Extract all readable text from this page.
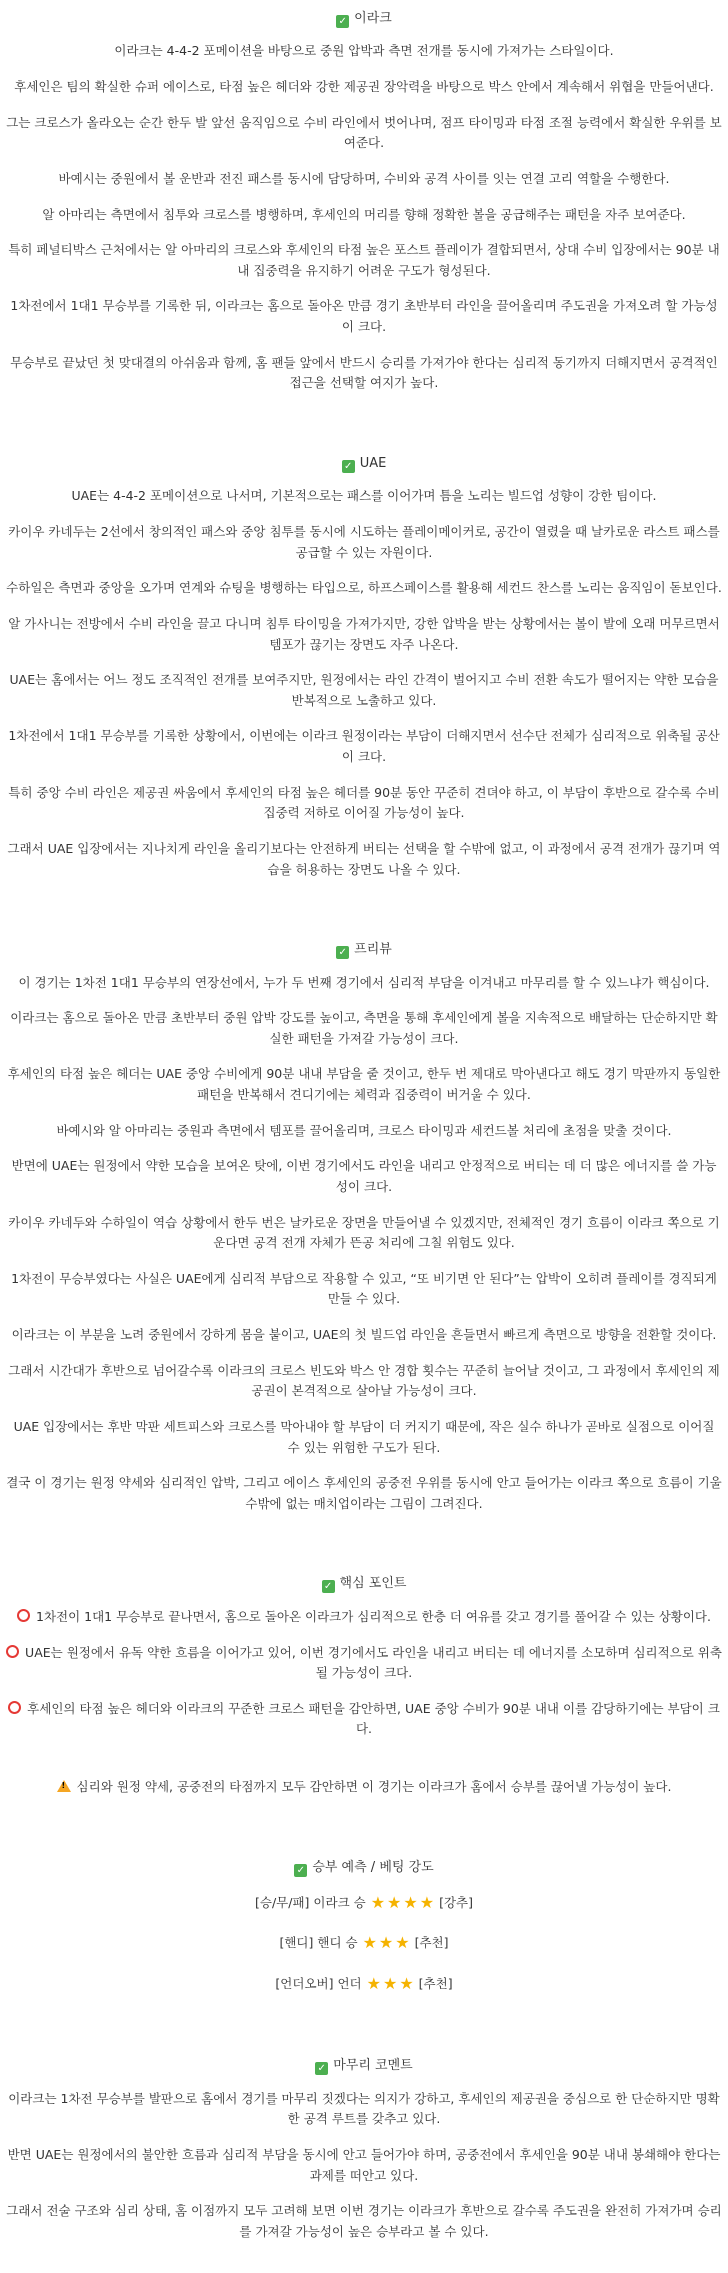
✓ 이라크

이라크는 4-4-2 포메이션을 바탕으로 중원 압박과 측면 전개를 동시에 가져가는 스타일이다.

후세인은 팀의 확실한 슈퍼 에이스로, 타점 높은 헤더와 강한 제공권 장악력을 바탕으로 박스 안에서 계속해서 위협을 만들어낸다.

그는 크로스가 올라오는 순간 한두 발 앞선 움직임으로 수비 라인에서 벗어나며, 점프 타이밍과 타점 조절 능력에서 확실한 우위를 보여준다.

바예시는 중원에서 볼 운반과 전진 패스를 동시에 담당하며, 수비와 공격 사이를 잇는 연결 고리 역할을 수행한다.

알 아마리는 측면에서 침투와 크로스를 병행하며, 후세인의 머리를 향해 정확한 볼을 공급해주는 패턴을 자주 보여준다.

특히 페널티박스 근처에서는 알 아마리의 크로스와 후세인의 타점 높은 포스트 플레이가 결합되면서, 상대 수비 입장에서는 90분 내내 집중력을 유지하기 어려운 구도가 형성된다.

1차전에서 1대1 무승부를 기록한 뒤, 이라크는 홈으로 돌아온 만큼 경기 초반부터 라인을 끌어올리며 주도권을 가져오려 할 가능성이 크다.

무승부로 끝났던 첫 맞대결의 아쉬움과 함께, 홈 팬들 앞에서 반드시 승리를 가져가야 한다는 심리적 동기까지 더해지면서 공격적인 접근을 선택할 여지가 높다.

✓ UAE

UAE는 4-4-2 포메이션으로 나서며, 기본적으로는 패스를 이어가며 틈을 노리는 빌드업 성향이 강한 팀이다.

카이우 카네두는 2선에서 창의적인 패스와 중앙 침투를 동시에 시도하는 플레이메이커로, 공간이 열렸을 때 날카로운 라스트 패스를 공급할 수 있는 자원이다.

수하일은 측면과 중앙을 오가며 연계와 슈팅을 병행하는 타입으로, 하프스페이스를 활용해 세컨드 찬스를 노리는 움직임이 돋보인다.

알 가사니는 전방에서 수비 라인을 끌고 다니며 침투 타이밍을 가져가지만, 강한 압박을 받는 상황에서는 볼이 발에 오래 머무르면서 템포가 끊기는 장면도 자주 나온다.

UAE는 홈에서는 어느 정도 조직적인 전개를 보여주지만, 원정에서는 라인 간격이 벌어지고 수비 전환 속도가 떨어지는 약한 모습을 반복적으로 노출하고 있다.

1차전에서 1대1 무승부를 기록한 상황에서, 이번에는 이라크 원정이라는 부담이 더해지면서 선수단 전체가 심리적으로 위축될 공산이 크다.

특히 중앙 수비 라인은 제공권 싸움에서 후세인의 타점 높은 헤더를 90분 동안 꾸준히 견뎌야 하고, 이 부담이 후반으로 갈수록 수비 집중력 저하로 이어질 가능성이 높다.

그래서 UAE 입장에서는 지나치게 라인을 올리기보다는 안전하게 버티는 선택을 할 수밖에 없고, 이 과정에서 공격 전개가 끊기며 역습을 허용하는 장면도 나올 수 있다.

✓ 프리뷰

이 경기는 1차전 1대1 무승부의 연장선에서, 누가 두 번째 경기에서 심리적 부담을 이겨내고 마무리를 할 수 있느냐가 핵심이다.

이라크는 홈으로 돌아온 만큼 초반부터 중원 압박 강도를 높이고, 측면을 통해 후세인에게 볼을 지속적으로 배달하는 단순하지만 확실한 패턴을 가져갈 가능성이 크다.

후세인의 타점 높은 헤더는 UAE 중앙 수비에게 90분 내내 부담을 줄 것이고, 한두 번 제대로 막아낸다고 해도 경기 막판까지 동일한 패턴을 반복해서 견디기에는 체력과 집중력이 버거울 수 있다.

바예시와 알 아마리는 중원과 측면에서 템포를 끌어올리며, 크로스 타이밍과 세컨드볼 처리에 초점을 맞출 것이다.

반면에 UAE는 원정에서 약한 모습을 보여온 탓에, 이번 경기에서도 라인을 내리고 안정적으로 버티는 데 더 많은 에너지를 쓸 가능성이 크다.

카이우 카네두와 수하일이 역습 상황에서 한두 번은 날카로운 장면을 만들어낼 수 있겠지만, 전체적인 경기 흐름이 이라크 쪽으로 기운다면 공격 전개 자체가 뜬공 처리에 그칠 위험도 있다.

1차전이 무승부였다는 사실은 UAE에게 심리적 부담으로 작용할 수 있고, “또 비기면 안 된다”는 압박이 오히려 플레이를 경직되게 만들 수 있다.

이라크는 이 부분을 노려 중원에서 강하게 몸을 붙이고, UAE의 첫 빌드업 라인을 흔들면서 빠르게 측면으로 방향을 전환할 것이다.

그래서 시간대가 후반으로 넘어갈수록 이라크의 크로스 빈도와 박스 안 경합 횟수는 꾸준히 늘어날 것이고, 그 과정에서 후세인의 제공권이 본격적으로 살아날 가능성이 크다.

UAE 입장에서는 후반 막판 세트피스와 크로스를 막아내야 할 부담이 더 커지기 때문에, 작은 실수 하나가 곧바로 실점으로 이어질 수 있는 위험한 구도가 된다.

결국 이 경기는 원정 약세와 심리적인 압박, 그리고 에이스 후세인의 공중전 우위를 동시에 안고 들어가는 이라크 쪽으로 흐름이 기울 수밖에 없는 매치업이라는 그림이 그려진다.

✓ 핵심 포인트

1차전이 1대1 무승부로 끝나면서, 홈으로 돌아온 이라크가 심리적으로 한층 더 여유를 갖고 경기를 풀어갈 수 있는 상황이다.

UAE는 원정에서 유독 약한 흐름을 이어가고 있어, 이번 경기에서도 라인을 내리고 버티는 데 에너지를 소모하며 심리적으로 위축될 가능성이 크다.

후세인의 타점 높은 헤더와 이라크의 꾸준한 크로스 패턴을 감안하면, UAE 중앙 수비가 90분 내내 이를 감당하기에는 부담이 크다.

!심리와 원정 약세, 공중전의 타점까지 모두 감안하면 이 경기는 이라크가 홈에서 승부를 끊어낼 가능성이 높다.

✓ 승부 예측 / 베팅 강도
[승/무/패] 이라크 승 ★ ★ ★ ★ [강추]
[핸디] 핸디 승 ★ ★ ★ [추천]
[언더오버] 언더 ★ ★ ★ [추천]
✓ 마무리 코멘트

이라크는 1차전 무승부를 발판으로 홈에서 경기를 마무리 짓겠다는 의지가 강하고, 후세인의 제공권을 중심으로 한 단순하지만 명확한 공격 루트를 갖추고 있다.

반면 UAE는 원정에서의 불안한 흐름과 심리적 부담을 동시에 안고 들어가야 하며, 공중전에서 후세인을 90분 내내 봉쇄해야 한다는 과제를 떠안고 있다.

그래서 전술 구조와 심리 상태, 홈 이점까지 모두 고려해 보면 이번 경기는 이라크가 후반으로 갈수록 주도권을 완전히 가져가며 승리를 가져갈 가능성이 높은 승부라고 볼 수 있다.
